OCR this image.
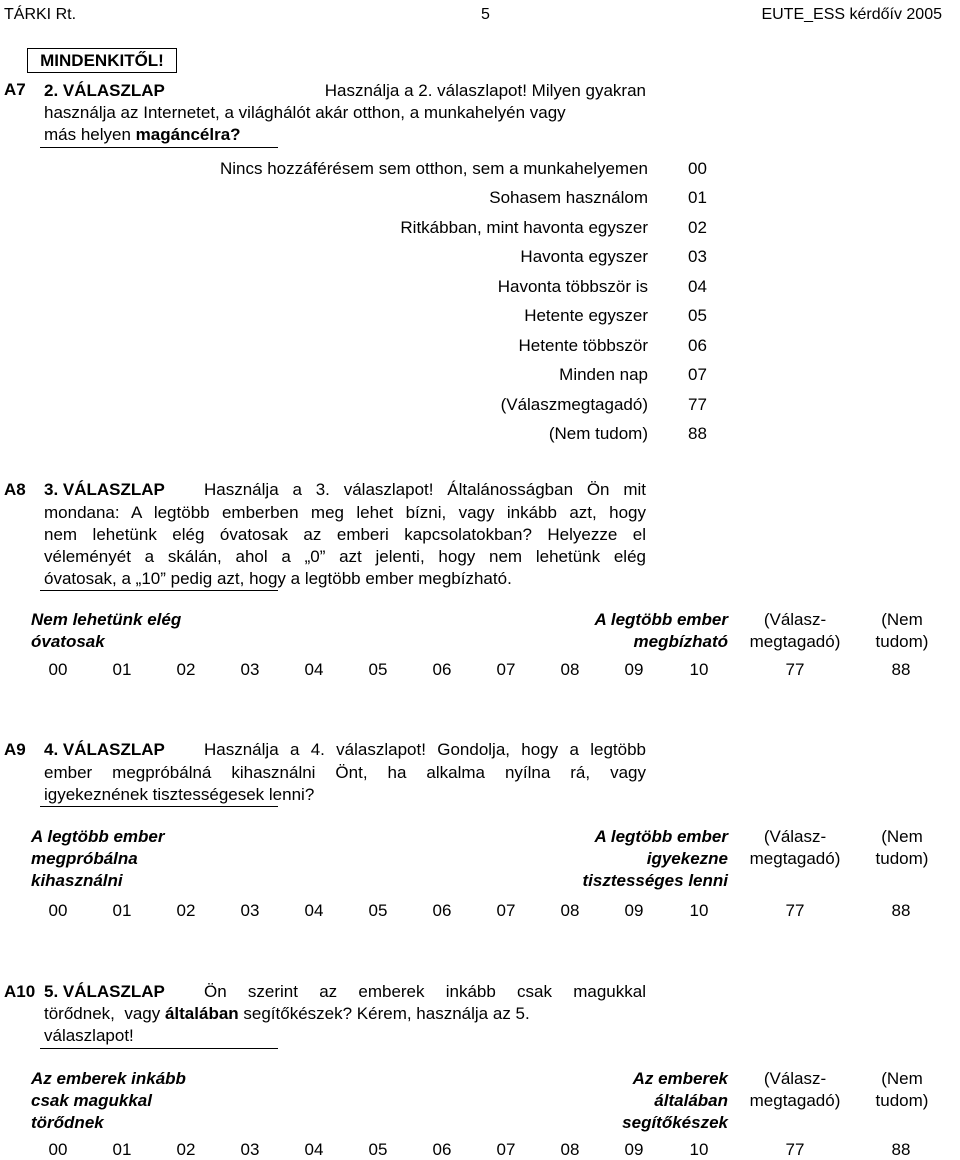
TÁRKI Rt.	5	EUTE_ESS kérdőív 2005
MINDENKITŐL!
A7 2. VÁLASZLAP	Használja a 2. válaszlapot! Milyen gyakran
használja az Internetet, a világhálót akár otthon, a munkahelyén vagy
más helyen magáncélra?
Nincs hozzáférésem sem otthon, sem a munkahelyemen 00
Sohasem használom 01
Ritkábban, mint havonta egyszer 02
Havonta egyszer 03
Havonta többször is 04
Hetente egyszer 05
Hetente többször 06
Minden nap 07
(Válaszmegtagadó) 77
(Nem tudom) 88
A8 3. VÁLASZLAP Használja a 3. válaszlapot! Általánosságban Ön mit
mondana: A legtöbb emberben meg lehet bízni, vagy inkább azt, hogy
nem lehetünk elég óvatosak az emberi kapcsolatokban? Helyezze el
véleményét a skálán, ahol a „0” azt jelenti, hogy nem lehetünk elég
óvatosak, a „10” pedig azt, hogy a legtöbb ember megbízható.
Nem lehetünk elég
óvatosak
A legtöbb ember
megbízható
(Válasz-
megtagadó)
(Nem
tudom)
00	01	02	03	04	05	06	07	08	09	10	77	88
A9 4. VÁLASZLAP Használja a 4. válaszlapot! Gondolja, hogy a legtöbb
ember megpróbálná kihasználni Önt, ha alkalma nyílna rá, vagy
igyekeznének tisztességesek lenni?
A legtöbb ember
megpróbálna
kihasználni
A legtöbb ember
igyekezne
tisztességes lenni
(Válasz-
megtagadó)
(Nem
tudom)
00	01	02	03	04	05	06	07	08	09	10	77	88
A10 5. VÁLASZLAP Ön szerint az emberek inkább csak magukkal
törődnek,  vagy általában segítőkészek? Kérem, használja az 5.
válaszlapot!
Az emberek inkább
csak magukkal
törődnek
Az emberek
általában
segítőkészek
(Válasz-
megtagadó)
(Nem
tudom)
00	01	02	03	04	05	06	07	08	09	10	77	88
